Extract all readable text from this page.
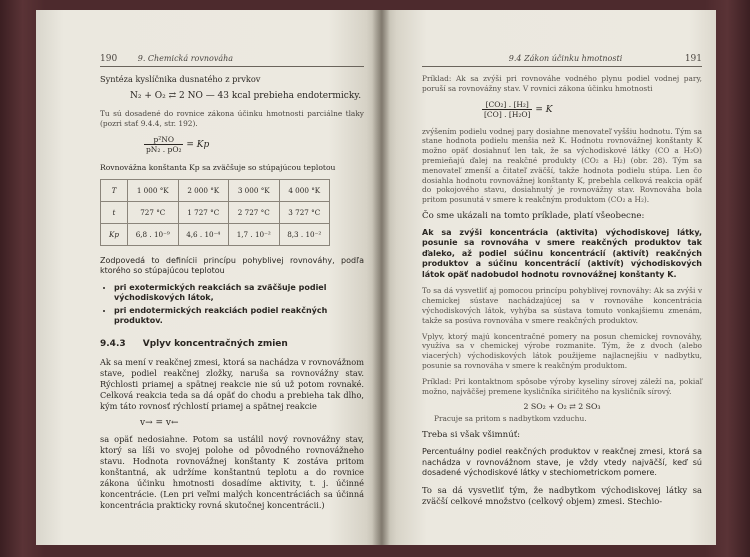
190	9. Chemická rovnováha

Syntéza kyslíčnika dusnatého z prvkov

N₂ + O₂ ⇄ 2 NO — 43 kcal prebieha endotermicky.

Tu sú dosadené do rovnice zákona účinku hmotnosti parciálne tlaky (pozri stať 9.4.4, str. 192).

$\frac{\text{p²NO}}{\text{pN₂ . pO₂}} = Kp$

Rovnovážna konštanta Kp sa zväčšuje so stúpajúcou teplotou

T	1 000 °K	2 000 °K	3 000 °K	4 000 °K
t	727 °C	1 727 °C	2 727 °C	3 727 °C
Kp	6,8 . 10⁻⁹	4,6 . 10⁻⁴	1,7 . 10⁻²	8,3 . 10⁻²

Zodpovedá to definícii princípu pohyblivej rovnováhy, podľa ktorého so stúpajúcou teplotou

• pri exotermických reakciách sa zväčšuje podiel východiskových látok,
• pri endotermických reakciách podiel reakčných produktov.
9.4.3 Vplyv koncentračných zmien

Ak sa mení v reakčnej zmesi, ktorá sa nachádza v rovnovážnom stave, podiel reakčnej zložky, naruša sa rovnovážny stav. Rýchlosti priamej a spätnej reakcie nie sú už potom rovnaké. Celková reakcia teda sa dá opäť do chodu a prebieha tak dlho, kým táto rovnosť rýchlostí priamej a spätnej reakcie

v→ = v←

sa opäť nedosiahne. Potom sa ustálil nový rovnovážny stav, ktorý sa líši vo svojej polohe od pôvodného rovnovážneho stavu. Hodnota rovnovážnej konštanty K zostáva pritom konštantná, ak udržíme konštantnú teplotu a do rovnice zákona účinku hmotnosti dosadíme aktivity, t. j. účinné koncentrácie. (Len pri veľmi malých koncentráciách sa účinná koncentrácia prakticky rovná skutočnej koncentrácii.)

9.4 Zákon účinku hmotnosti	191

Príklad: Ak sa zvýši pri rovnováhe vodného plynu podiel vodnej pary, poruší sa rovnovážny stav. V rovnici zákona účinku hmotnosti

$\frac{\text{[CO₂] . [H₂]}}{\text{[CO] . [H₂O]}} = K$

zvýšením podielu vodnej pary dosiahne menovateľ vyššiu hodnotu. Tým sa stane hodnota podielu menšia než K. Hodnotu rovnovážnej konštanty K možno opäť dosiahnuť len tak, že sa východiskové látky (CO a H₂O) premieňajú ďalej na reakčné produkty (CO₂ a H₂) (obr. 28). Tým sa menovateľ zmenší a čitateľ zväčší, takže hodnota podielu stúpa. Len čo dosiahla hodnotu rovnovážnej konštanty K, prebehla celková reakcia opäť do pokojového stavu, dosiahnutý je rovnovážny stav. Rovnováha bola pritom posunutá v smere k reakčným produktom (CO₂ a H₂).

Čo sme ukázali na tomto príklade, platí všeobecne:

Ak sa zvýši koncentrácia (aktivita) východiskovej látky, posunie sa rovnováha v smere reakčných produktov tak ďaleko, až podiel súčinu koncentrácií (aktivít) reakčných produktov a súčinu koncentrácií (aktivít) východiskových látok opäť nadobudol hodnotu rovnovážnej konštanty K.

To sa dá vysvetliť aj pomocou princípu pohyblivej rovnováhy: Ak sa zvýši v chemickej sústave nachádzajúcej sa v rovnováhe koncentrácia východiskových látok, vyhýba sa sústava tomuto vonkajšiemu zmenám, takže sa posúva rovnováha v smere reakčných produktov.

Vplyv, ktorý majú koncentračné pomery na posun chemickej rovnováhy, využíva sa v chemickej výrobe rozmanite. Tým, že z dvoch (alebo viacerých) východiskových látok použijeme najlacnejšiu v nadbytku, posunie sa rovnováha v smere k reakčným produktom.

Príklad: Pri kontaktnom spôsobe výroby kyseliny sírovej záleží na, pokiaľ možno, najväčšej premene kysličníka siričitého na kysličník sírový.

2 SO₂ + O₂ ⇄ 2 SO₃

Pracuje sa pritom s nadbytkom vzduchu.

Treba si však všimnúť:

Percentuálny podiel reakčných produktov v reakčnej zmesi, ktorá sa nachádza v rovnovážnom stave, je vždy vtedy najväčší, keď sú dosadené východiskové látky v stechiometrickom pomere.

To sa dá vysvetliť tým, že nadbytkom východiskovej látky sa zväčší celkové množstvo (celkový objem) zmesi. Stechio-
